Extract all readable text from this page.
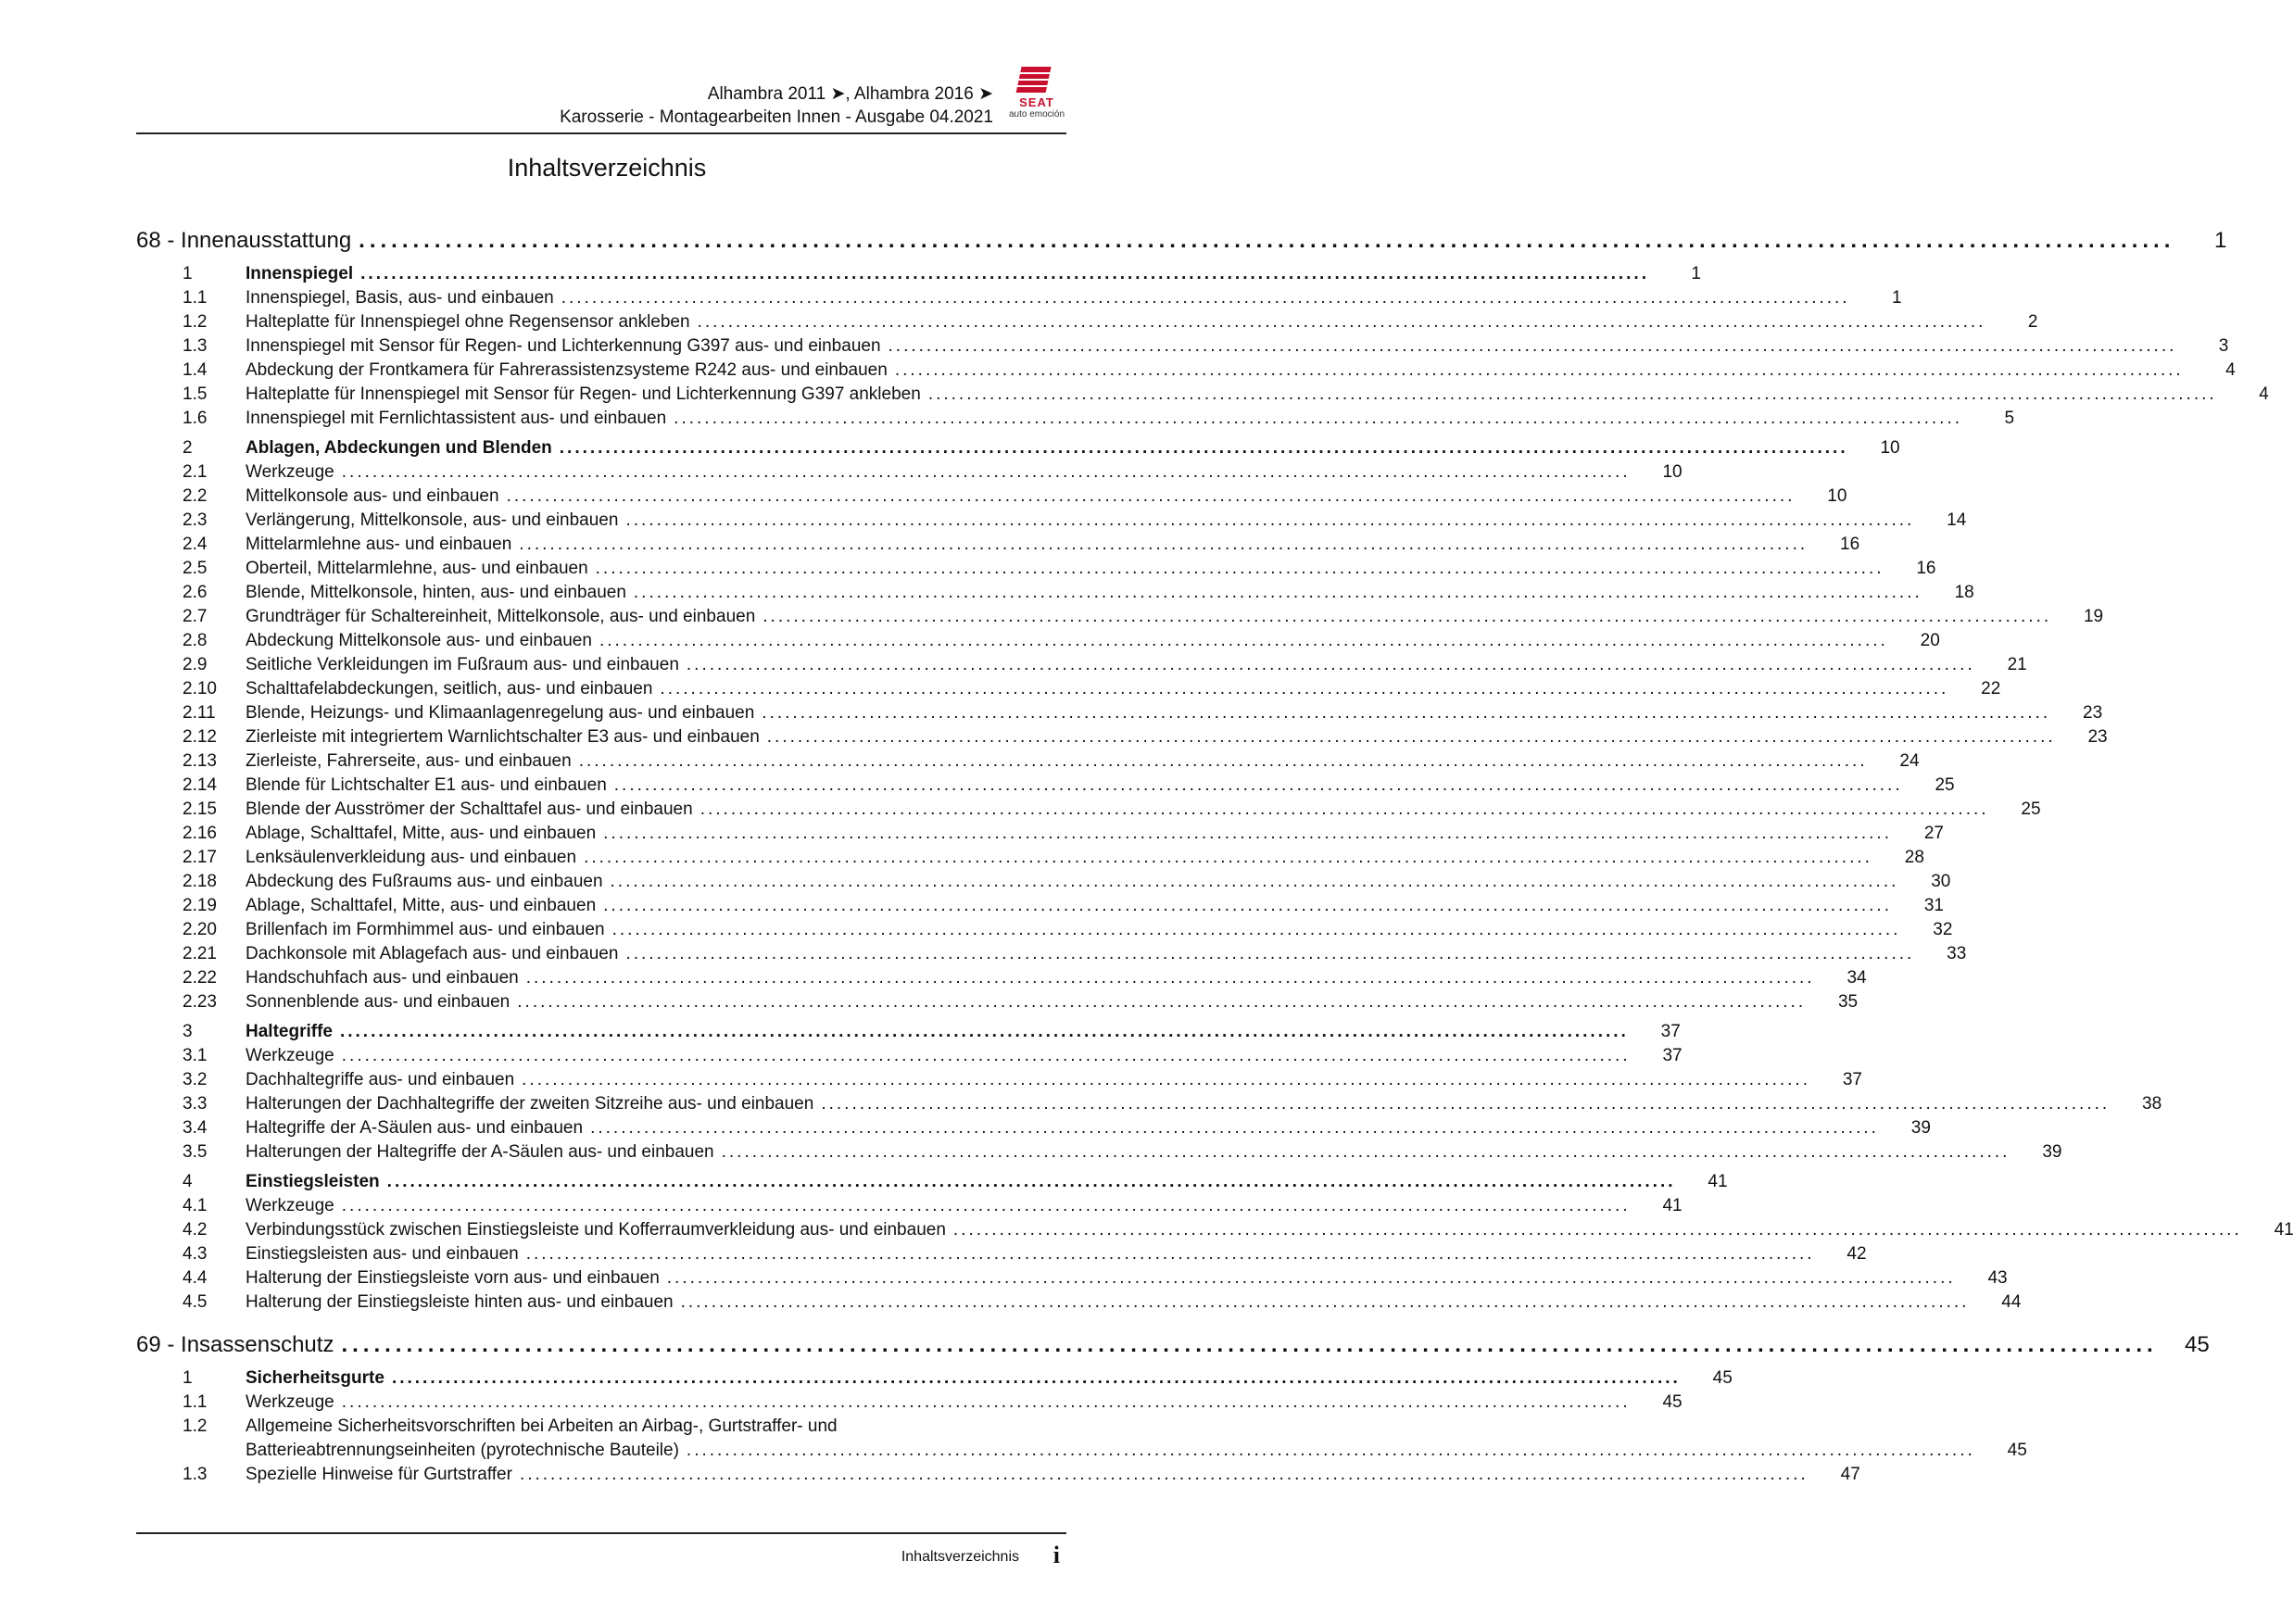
Alhambra 2011 ➤, Alhambra 2016 ➤
Karosserie - Montagearbeiten Innen - Ausgabe 04.2021
SEAT
auto emoción
Inhaltsverzeichnis
68 - Innenausstattung ........................................................................................................................................................................	1
1	Innenspiegel ........................................................................................................................................................................	1
1.1	Innenspiegel, Basis, aus- und einbauen ........................................................................................................................................................................	1
1.2	Halteplatte für Innenspiegel ohne Regensensor ankleben ........................................................................................................................................................................	2
1.3	Innenspiegel mit Sensor für Regen- und Lichterkennung G397 aus- und einbauen ........................................................................................................................................................................	3
1.4	Abdeckung der Frontkamera für Fahrerassistenzsysteme R242 aus- und einbauen ........................................................................................................................................................................	4
1.5	Halteplatte für Innenspiegel mit Sensor für Regen- und Lichterkennung G397 ankleben ........................................................................................................................................................................	4
1.6	Innenspiegel mit Fernlichtassistent aus- und einbauen ........................................................................................................................................................................	5
2	Ablagen, Abdeckungen und Blenden ........................................................................................................................................................................	10
2.1	Werkzeuge ........................................................................................................................................................................	10
2.2	Mittelkonsole aus- und einbauen ........................................................................................................................................................................	10
2.3	Verlängerung, Mittelkonsole, aus- und einbauen ........................................................................................................................................................................	14
2.4	Mittelarmlehne aus- und einbauen ........................................................................................................................................................................	16
2.5	Oberteil, Mittelarmlehne, aus- und einbauen ........................................................................................................................................................................	16
2.6	Blende, Mittelkonsole, hinten, aus- und einbauen ........................................................................................................................................................................	18
2.7	Grundträger für Schaltereinheit, Mittelkonsole, aus- und einbauen ........................................................................................................................................................................	19
2.8	Abdeckung Mittelkonsole aus- und einbauen ........................................................................................................................................................................	20
2.9	Seitliche Verkleidungen im Fußraum aus- und einbauen ........................................................................................................................................................................	21
2.10	Schalttafelabdeckungen, seitlich, aus- und einbauen ........................................................................................................................................................................	22
2.11	Blende, Heizungs- und Klimaanlagenregelung aus- und einbauen ........................................................................................................................................................................	23
2.12	Zierleiste mit integriertem Warnlichtschalter E3 aus- und einbauen ........................................................................................................................................................................	23
2.13	Zierleiste, Fahrerseite, aus- und einbauen ........................................................................................................................................................................	24
2.14	Blende für Lichtschalter E1 aus- und einbauen ........................................................................................................................................................................	25
2.15	Blende der Ausströmer der Schalttafel aus- und einbauen ........................................................................................................................................................................	25
2.16	Ablage, Schalttafel, Mitte, aus- und einbauen ........................................................................................................................................................................	27
2.17	Lenksäulenverkleidung aus- und einbauen ........................................................................................................................................................................	28
2.18	Abdeckung des Fußraums aus- und einbauen ........................................................................................................................................................................	30
2.19	Ablage, Schalttafel, Mitte, aus- und einbauen ........................................................................................................................................................................	31
2.20	Brillenfach im Formhimmel aus- und einbauen ........................................................................................................................................................................	32
2.21	Dachkonsole mit Ablagefach aus- und einbauen ........................................................................................................................................................................	33
2.22	Handschuhfach aus- und einbauen ........................................................................................................................................................................	34
2.23	Sonnenblende aus- und einbauen ........................................................................................................................................................................	35
3	Haltegriffe ........................................................................................................................................................................	37
3.1	Werkzeuge ........................................................................................................................................................................	37
3.2	Dachhaltegriffe aus- und einbauen ........................................................................................................................................................................	37
3.3	Halterungen der Dachhaltegriffe der zweiten Sitzreihe aus- und einbauen ........................................................................................................................................................................	38
3.4	Haltegriffe der A-Säulen aus- und einbauen ........................................................................................................................................................................	39
3.5	Halterungen der Haltegriffe der A-Säulen aus- und einbauen ........................................................................................................................................................................	39
4	Einstiegsleisten ........................................................................................................................................................................	41
4.1	Werkzeuge ........................................................................................................................................................................	41
4.2	Verbindungsstück zwischen Einstiegsleiste und Kofferraumverkleidung aus- und einbauen ........................................................................................................................................................................	41
4.3	Einstiegsleisten aus- und einbauen ........................................................................................................................................................................	42
4.4	Halterung der Einstiegsleiste vorn aus- und einbauen ........................................................................................................................................................................	43
4.5	Halterung der Einstiegsleiste hinten aus- und einbauen ........................................................................................................................................................................	44
69 - Insassenschutz ........................................................................................................................................................................	45
1	Sicherheitsgurte ........................................................................................................................................................................	45
1.1	Werkzeuge ........................................................................................................................................................................	45
1.2	Allgemeine Sicherheitsvorschriften bei Arbeiten an Airbag-, Gurtstraffer- und
Batterieabtrennungseinheiten (pyrotechnische Bauteile) ........................................................................................................................................................................	45
1.3	Spezielle Hinweise für Gurtstraffer ........................................................................................................................................................................	47
Inhaltsverzeichnis i
